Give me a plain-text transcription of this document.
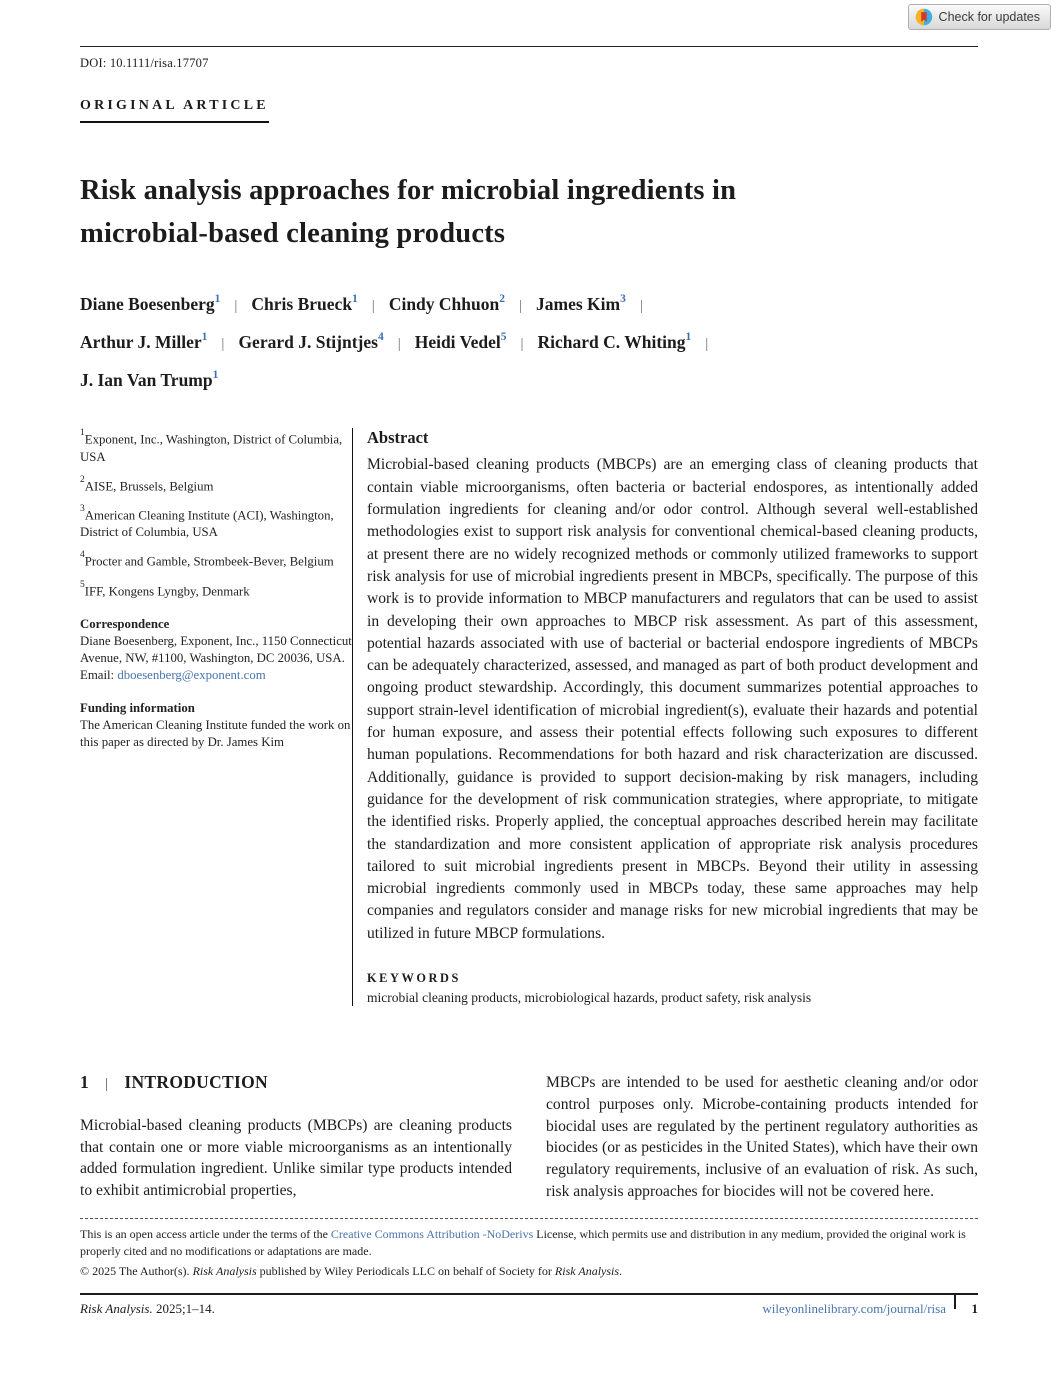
Check for updates
DOI: 10.1111/risa.17707
ORIGINAL ARTICLE
Risk analysis approaches for microbial ingredients in
microbial-based cleaning products
Diane Boesenberg$^1$ | Chris Brueck$^1$ | Cindy Chhuon$^2$ | James Kim$^3$ |
Arthur J. Miller$^1$ | Gerard J. Stijntjes$^4$ | Heidi Vedel$^5$ | Richard C. Whiting$^1$ |
J. Ian Van Trump$^1$

$^1$Exponent, Inc., Washington, District of Columbia, USA

$^2$AISE, Brussels, Belgium

$^3$American Cleaning Institute (ACI), Washington, District of Columbia, USA

$^4$Procter and Gamble, Strombeek-Bever, Belgium

$^5$IFF, Kongens Lyngby, Denmark

Correspondence

Diane Boesenberg, Exponent, Inc., 1150 Connecticut Avenue, NW, #1100, Washington, DC 20036, USA.

Email: dboesenberg@exponent.com

Funding information

The American Cleaning Institute funded the work on this paper as directed by Dr. James Kim

Abstract

Microbial-based cleaning products (MBCPs) are an emerging class of cleaning products that contain viable microorganisms, often bacteria or bacterial endospores, as intentionally added formulation ingredients for cleaning and/or odor control. Although several well-established methodologies exist to support risk analysis for conventional chemical-based cleaning products, at present there are no widely recognized methods or commonly utilized frameworks to support risk analysis for use of microbial ingredients present in MBCPs, specifically. The purpose of this work is to provide information to MBCP manufacturers and regulators that can be used to assist in developing their own approaches to MBCP risk assessment. As part of this assessment, potential hazards associated with use of bacterial or bacterial endospore ingredients of MBCPs can be adequately characterized, assessed, and managed as part of both product development and ongoing product stewardship. Accordingly, this document summarizes potential approaches to support strain-level identification of microbial ingredient(s), evaluate their hazards and potential for human exposure, and assess their potential effects following such exposures to different human populations. Recommendations for both hazard and risk characterization are discussed. Additionally, guidance is provided to support decision-making by risk managers, including guidance for the development of risk communication strategies, where appropriate, to mitigate the identified risks. Properly applied, the conceptual approaches described herein may facilitate the standardization and more consistent application of appropriate risk analysis procedures tailored to suit microbial ingredients present in MBCPs. Beyond their utility in assessing microbial ingredients commonly used in MBCPs today, these same approaches may help companies and regulators consider and manage risks for new microbial ingredients that may be utilized in future MBCP formulations.

KEYWORDS

microbial cleaning products, microbiological hazards, product safety, risk analysis

1 | INTRODUCTION

Microbial-based cleaning products (MBCPs) are cleaning products that contain one or more viable microorganisms as an intentionally added formulation ingredient. Unlike similar type products intended to exhibit antimicrobial properties,

MBCPs are intended to be used for aesthetic cleaning and/or odor control purposes only. Microbe-containing products intended for biocidal uses are regulated by the pertinent regulatory authorities as biocides (or as pesticides in the United States), which have their own regulatory requirements, inclusive of an evaluation of risk. As such, risk analysis approaches for biocides will not be covered here.

This is an open access article under the terms of the Creative Commons Attribution -NoDerivs License, which permits use and distribution in any medium, provided the original work is properly cited and no modifications or adaptations are made.

© 2025 The Author(s). Risk Analysis published by Wiley Periodicals LLC on behalf of Society for Risk Analysis.

Risk Analysis. 2025;1–14.	wileyonlinelibrary.com/journal/risa	1
